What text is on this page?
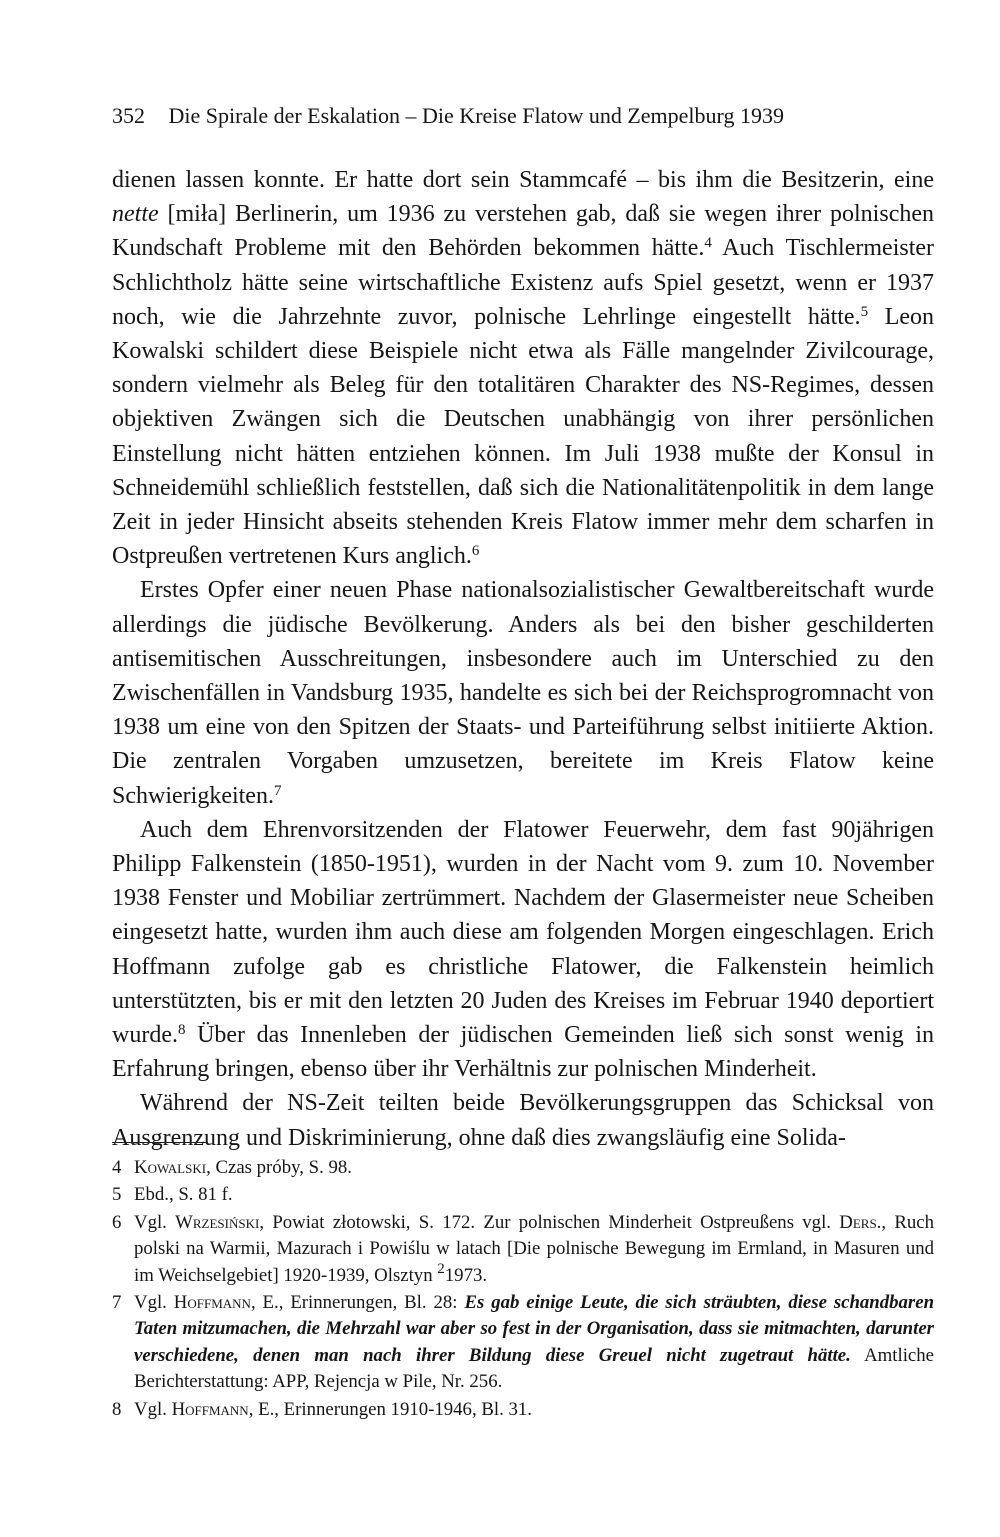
352 Die Spirale der Eskalation – Die Kreise Flatow und Zempelburg 1939

dienen lassen konnte. Er hatte dort sein Stammcafé – bis ihm die Besitzerin, eine nette [miła] Berlinerin, um 1936 zu verstehen gab, daß sie wegen ihrer polnischen Kundschaft Probleme mit den Behörden bekommen hätte.$^4$ Auch Tischlermeister Schlichtholz hätte seine wirtschaftliche Existenz aufs Spiel gesetzt, wenn er 1937 noch, wie die Jahrzehnte zuvor, polnische Lehrlinge eingestellt hätte.$^5$ Leon Kowalski schildert diese Beispiele nicht etwa als Fälle mangelnder Zivilcourage, sondern vielmehr als Beleg für den totalitären Charakter des NS-Regimes, dessen objektiven Zwängen sich die Deutschen unabhängig von ihrer persönlichen Einstellung nicht hätten entziehen können. Im Juli 1938 mußte der Konsul in Schneidemühl schließlich feststellen, daß sich die Nationalitätenpolitik in dem lange Zeit in jeder Hinsicht abseits stehenden Kreis Flatow immer mehr dem scharfen in Ostpreußen vertretenen Kurs anglich.$^6$

Erstes Opfer einer neuen Phase nationalsozialistischer Gewaltbereitschaft wurde allerdings die jüdische Bevölkerung. Anders als bei den bisher geschilderten antisemitischen Ausschreitungen, insbesondere auch im Unterschied zu den Zwischenfällen in Vandsburg 1935, handelte es sich bei der Reichsprogromnacht von 1938 um eine von den Spitzen der Staats- und Parteiführung selbst initiierte Aktion. Die zentralen Vorgaben umzusetzen, bereitete im Kreis Flatow keine Schwierigkeiten.$^7$

Auch dem Ehrenvorsitzenden der Flatower Feuerwehr, dem fast 90jährigen Philipp Falkenstein (1850-1951), wurden in der Nacht vom 9. zum 10. November 1938 Fenster und Mobiliar zertrümmert. Nachdem der Glasermeister neue Scheiben eingesetzt hatte, wurden ihm auch diese am folgenden Morgen eingeschlagen. Erich Hoffmann zufolge gab es christliche Flatower, die Falkenstein heimlich unterstützten, bis er mit den letzten 20 Juden des Kreises im Februar 1940 deportiert wurde.$^8$ Über das Innenleben der jüdischen Gemeinden ließ sich sonst wenig in Erfahrung bringen, ebenso über ihr Verhältnis zur polnischen Minderheit.

Während der NS-Zeit teilten beide Bevölkerungsgruppen das Schicksal von Ausgrenzung und Diskriminierung, ohne daß dies zwangsläufig eine Solida-

4 Kowalski, Czas próby, S. 98.
5 Ebd., S. 81 f.
6 Vgl. Wrzesiński, Powiat złotowski, S. 172. Zur polnischen Minderheit Ostpreußens vgl. Ders., Ruch polski na Warmii, Mazurach i Powiślu w latach [Die polnische Bewegung im Ermland, in Masuren und im Weichselgebiet] 1920-1939, Olsztyn $^2$1973.
7 Vgl. Hoffmann, E., Erinnerungen, Bl. 28: Es gab einige Leute, die sich sträubten, diese schandbaren Taten mitzumachen, die Mehrzahl war aber so fest in der Organisation, dass sie mitmachten, darunter verschiedene, denen man nach ihrer Bildung diese Greuel nicht zugetraut hätte. Amtliche Berichterstattung: APP, Rejencja w Pile, Nr. 256.
8 Vgl. Hoffmann, E., Erinnerungen 1910-1946, Bl. 31.
